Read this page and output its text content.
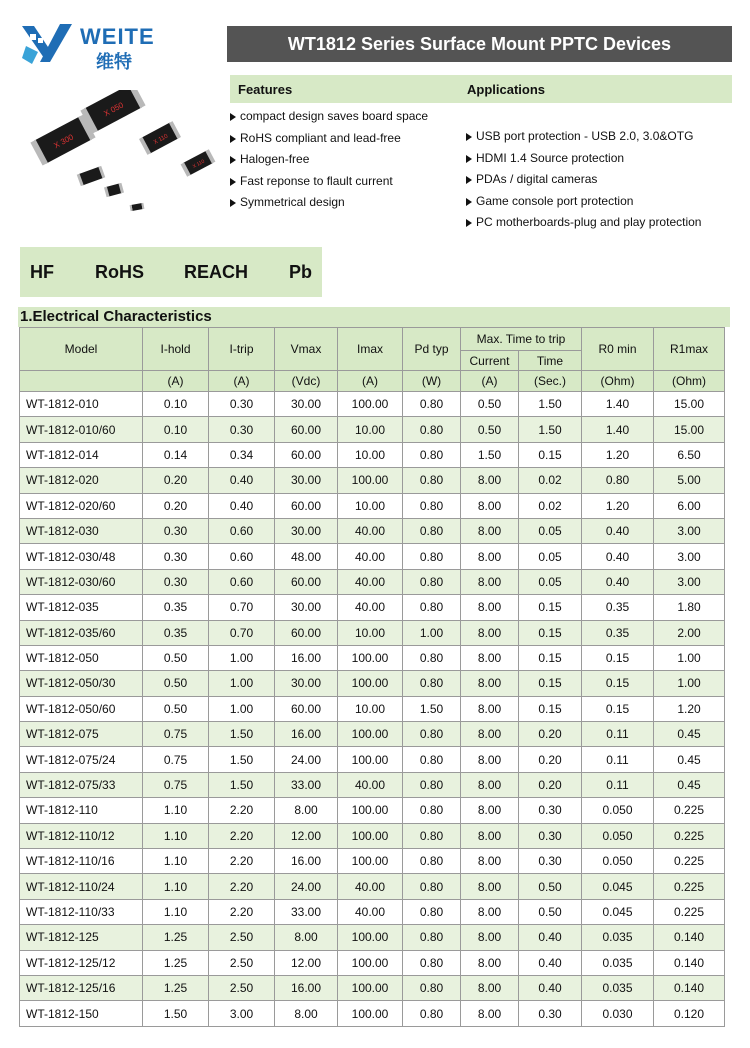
WEITE
维特
WT1812 Series Surface Mount PPTC Devices
Features	Applications
compact design saves board space
RoHS compliant and lead-free
Halogen-free
Fast reponse to flault current
Symmetrical design
USB port protection - USB 2.0, 3.0&OTG
HDMI 1.4 Source protection
PDAs / digital cameras
Game console port protection
PC motherboards-plug and play protection
X 050
X 300	X 110
X 110
HF RoHS REACH Pb
1.Electrical Characteristics
Model	I-hold	I-trip	Vmax	Imax	Pd typ	Max. Time to trip		R0 min	R1max
						Current	Time		
	(A)	(A)	(Vdc)	(A)	(W)	(A)	(Sec.)	(Ohm)	(Ohm)
WT-1812-010	0.10	0.30	30.00	100.00	0.80	0.50	1.50	1.40	15.00
WT-1812-010/60	0.10	0.30	60.00	10.00	0.80	0.50	1.50	1.40	15.00
WT-1812-014	0.14	0.34	60.00	10.00	0.80	1.50	0.15	1.20	6.50
WT-1812-020	0.20	0.40	30.00	100.00	0.80	8.00	0.02	0.80	5.00
WT-1812-020/60	0.20	0.40	60.00	10.00	0.80	8.00	0.02	1.20	6.00
WT-1812-030	0.30	0.60	30.00	40.00	0.80	8.00	0.05	0.40	3.00
WT-1812-030/48	0.30	0.60	48.00	40.00	0.80	8.00	0.05	0.40	3.00
WT-1812-030/60	0.30	0.60	60.00	40.00	0.80	8.00	0.05	0.40	3.00
WT-1812-035	0.35	0.70	30.00	40.00	0.80	8.00	0.15	0.35	1.80
WT-1812-035/60	0.35	0.70	60.00	10.00	1.00	8.00	0.15	0.35	2.00
WT-1812-050	0.50	1.00	16.00	100.00	0.80	8.00	0.15	0.15	1.00
WT-1812-050/30	0.50	1.00	30.00	100.00	0.80	8.00	0.15	0.15	1.00
WT-1812-050/60	0.50	1.00	60.00	10.00	1.50	8.00	0.15	0.15	1.20
WT-1812-075	0.75	1.50	16.00	100.00	0.80	8.00	0.20	0.11	0.45
WT-1812-075/24	0.75	1.50	24.00	100.00	0.80	8.00	0.20	0.11	0.45
WT-1812-075/33	0.75	1.50	33.00	40.00	0.80	8.00	0.20	0.11	0.45
WT-1812-110	1.10	2.20	8.00	100.00	0.80	8.00	0.30	0.050	0.225
WT-1812-110/12	1.10	2.20	12.00	100.00	0.80	8.00	0.30	0.050	0.225
WT-1812-110/16	1.10	2.20	16.00	100.00	0.80	8.00	0.30	0.050	0.225
WT-1812-110/24	1.10	2.20	24.00	40.00	0.80	8.00	0.50	0.045	0.225
WT-1812-110/33	1.10	2.20	33.00	40.00	0.80	8.00	0.50	0.045	0.225
WT-1812-125	1.25	2.50	8.00	100.00	0.80	8.00	0.40	0.035	0.140
WT-1812-125/12	1.25	2.50	12.00	100.00	0.80	8.00	0.40	0.035	0.140
WT-1812-125/16	1.25	2.50	16.00	100.00	0.80	8.00	0.40	0.035	0.140
WT-1812-150	1.50	3.00	8.00	100.00	0.80	8.00	0.30	0.030	0.120
